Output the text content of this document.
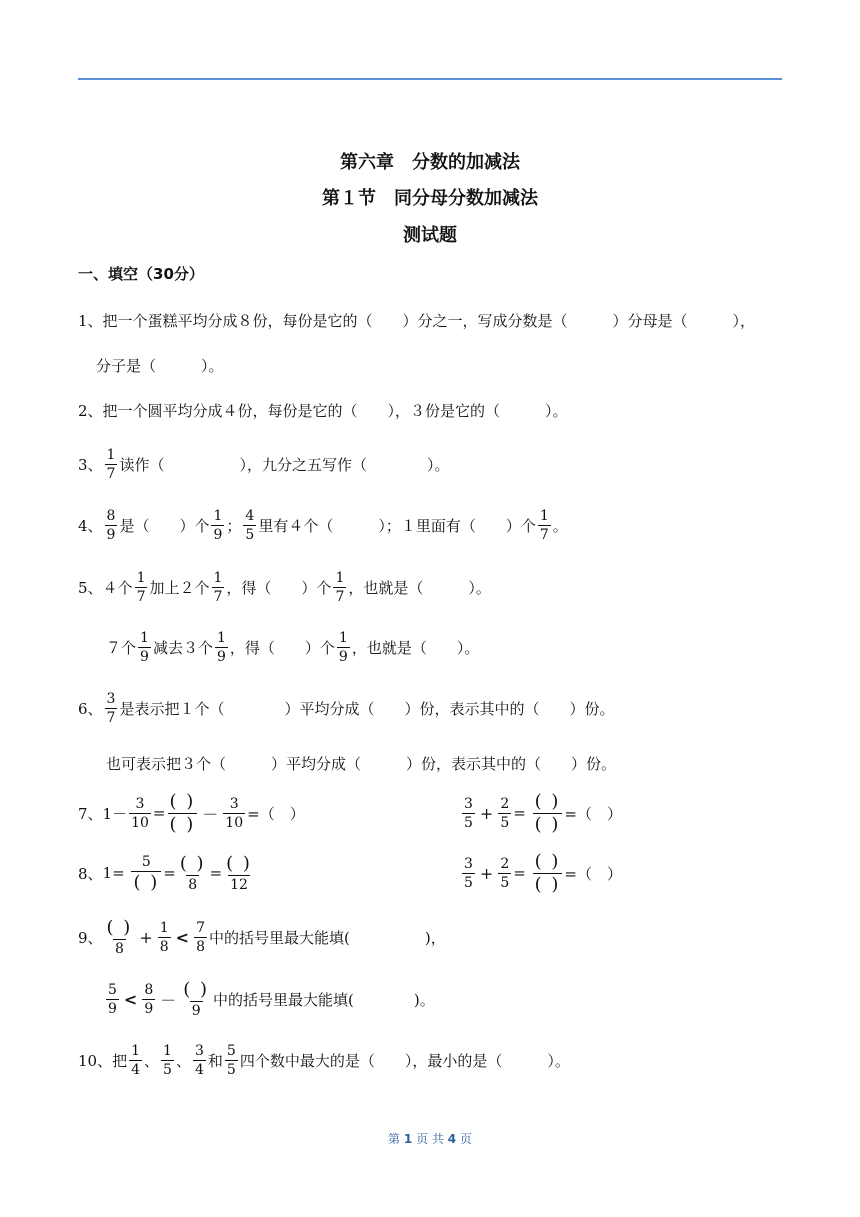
第六章　分数的加减法
第１节　同分母分数加减法
测试题
一、填空（30分）
1、把一个蛋糕平均分成８份，每份是它的（　　）分之一，写成分数是（　　　）分母是（　　　），
分子是（　　　）。
2、把一个圆平均分成４份，每份是它的（　　），３份是它的（　　　）。
3、 $\frac{1}{7}$ 读作（　　　　　），九分之五写作（　　　　）。
4、 $\frac{8}{9}$ 是（　　）个 $\frac{1}{9}$ ； $\frac{4}{5}$ 里有４个（　　　）；１里面有（　　）个 $\frac{1}{7}$ 。
5、 ４个 $\frac{1}{7}$ 加上２个 $\frac{1}{7}$ ，得（　　）个 $\frac{1}{7}$ ，也就是（　　　）。
７个 $\frac{1}{9}$ 减去３个 $\frac{1}{9}$ ，得（　　）个 $\frac{1}{9}$ ，也就是（　　）。
6、 $\frac{3}{7}$ 是表示把１个（　　　　）平均分成（　　）份，表示其中的（　　）份。
也可表示把３个（　　　）平均分成（　　　）份，表示其中的（　　）份。
7、 $1- \frac{3}{10} = \frac{( )}{( )} - \frac{3}{10}$ =（　）	$\frac{3}{5} + \frac{2}{5}$ =
$\frac{( )}{( )}$ =（　）
8、 1=
$\frac{5}{( )} = \frac{( )}{8} = \frac{( )}{12}$	$\frac{3}{5} + \frac{2}{5}$ =
$\frac{( )}{( )}$ =（　）
9、 $\frac{( )}{8} + \frac{1}{8} < \frac{7}{8}$ 中的括号里最大能填(　　　　　)，
$\frac{5}{9} < \frac{8}{9} - \frac{( )}{9}$ 中的括号里最大能填(　　　　)。
10、把 $\frac{1}{4}$ 、 $\frac{1}{5}$ 、 $\frac{3}{4}$ 和 $\frac{5}{5}$ 四个数中最大的是（　　），最小的是（　　　）。
第 1 页 共 4 页
